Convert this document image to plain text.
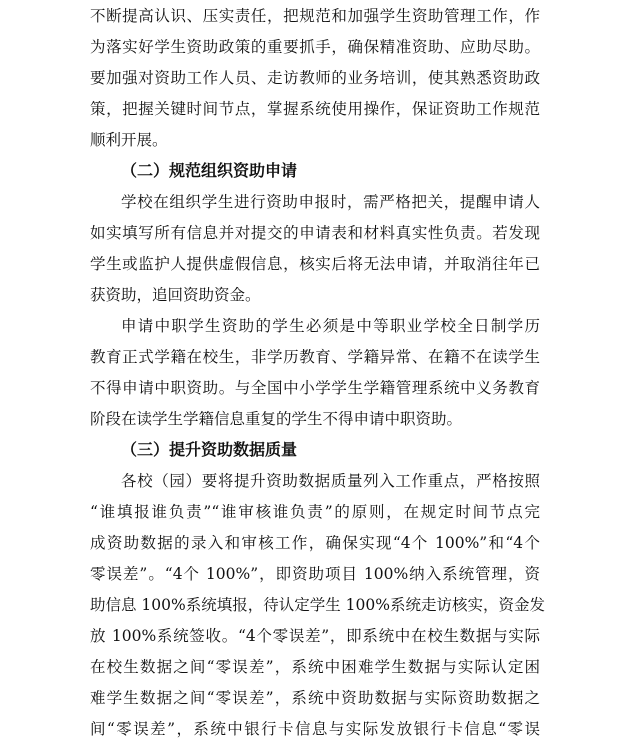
不断提高认识、压实责任，把规范和加强学生资助管理工作，作
为落实好学生资助政策的重要抓手，确保精准资助、应助尽助。
要加强对资助工作人员、走访教师的业务培训，使其熟悉资助政
策，把握关键时间节点，掌握系统使用操作，保证资助工作规范
顺利开展。
（二）规范组织资助申请
学校在组织学生进行资助申报时，需严格把关，提醒申请人
如实填写所有信息并对提交的申请表和材料真实性负责。若发现
学生或监护人提供虚假信息，核实后将无法申请，并取消往年已
获资助，追回资助资金。
申请中职学生资助的学生必须是中等职业学校全日制学历
教育正式学籍在校生，非学历教育、学籍异常、在籍不在读学生
不得申请中职资助。与全国中小学学生学籍管理系统中义务教育
阶段在读学生学籍信息重复的学生不得申请中职资助。
（三）提升资助数据质量
各校（园）要将提升资助数据质量列入工作重点，严格按照
“谁填报谁负责”“谁审核谁负责”的原则，在规定时间节点完
成资助数据的录入和审核工作，确保实现“4个 100%”和“4个
零误差”。“4个 100%”，即资助项目 100%纳入系统管理，资
助信息 100%系统填报，待认定学生 100%系统走访核实，资金发
放 100%系统签收。“4个零误差”，即系统中在校生数据与实际
在校生数据之间“零误差”，系统中困难学生数据与实际认定困
难学生数据之间“零误差”，系统中资助数据与实际资助数据之
间“零误差”，系统中银行卡信息与实际发放银行卡信息“零误
